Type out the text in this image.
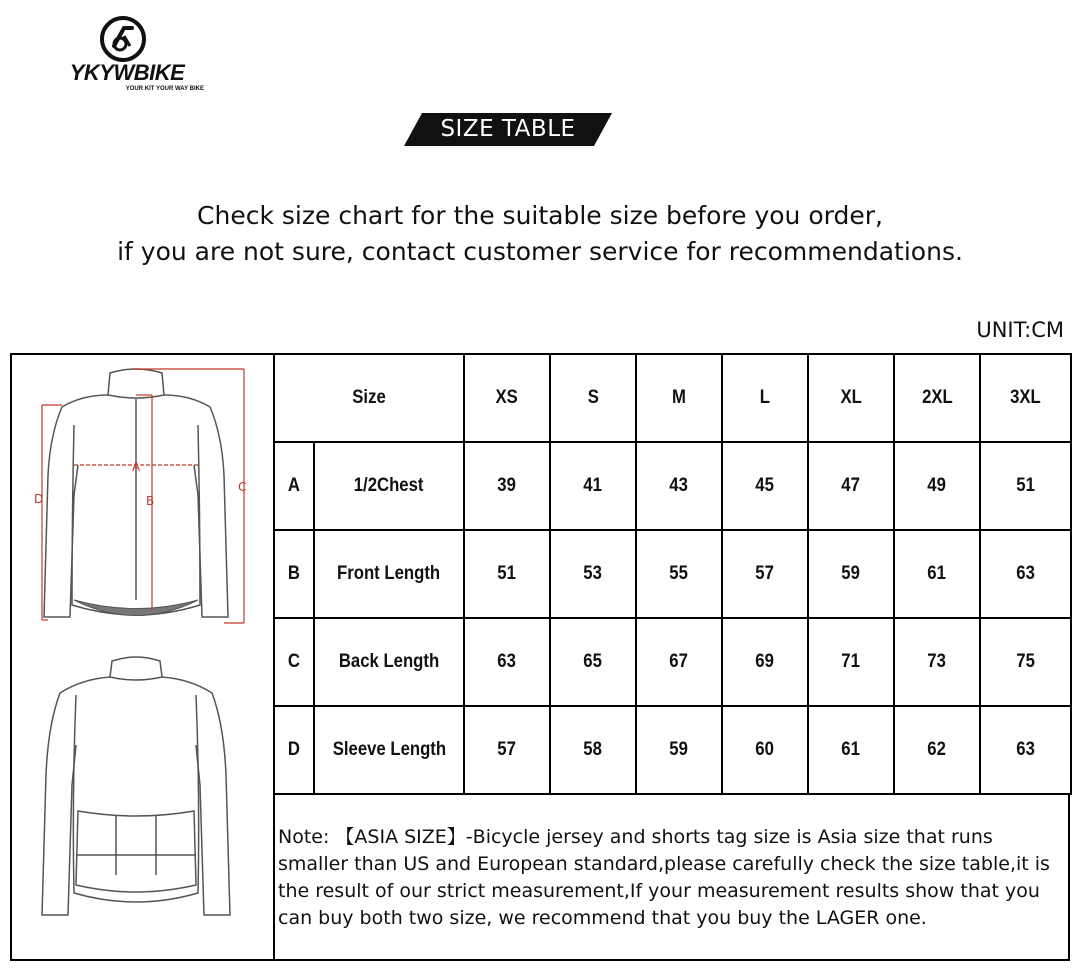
YKYWBIKE
YOUR KIT YOUR WAY BIKE
SIZE TABLE
Check size chart for the suitable size before you order,
if you are not sure, contact customer service for recommendations.
UNIT:CM
A
B
C
D
Size		XS	S	M	L	XL	2XL	3XL
A	1/2Chest	39	41	43	45	47	49	51
B	Front Length	51	53	55	57	59	61	63
C	Back Length	63	65	67	69	71	73	75
D	Sleeve Length	57	58	59	60	61	62	63
Note: 【ASIA SIZE】-Bicycle jersey and shorts tag size is Asia size that runs
smaller than US and European standard,please carefully check the size table,it is
the result of our strict measurement,If your measurement results show that you
can buy both two size, we recommend that you buy the LAGER one.
